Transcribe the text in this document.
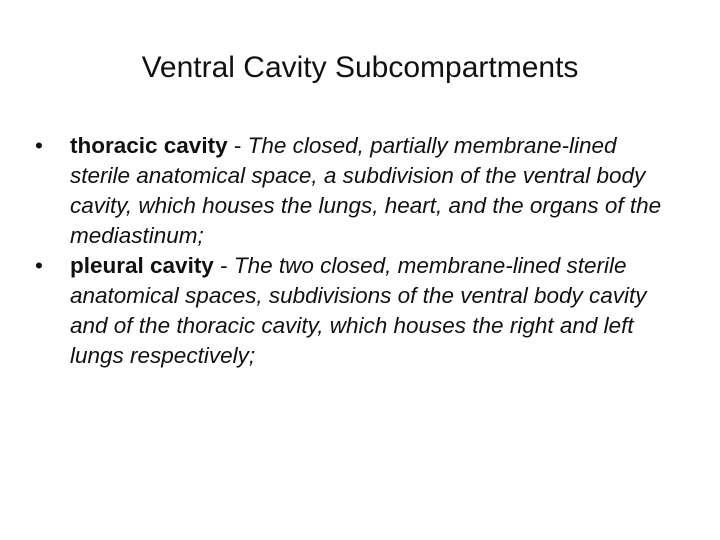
Ventral Cavity Subcompartments
•	thoracic cavity - The closed, partially membrane-lined sterile anatomical space, a subdivision of the ventral body cavity, which houses the lungs, heart, and the organs of the mediastinum;
•	pleural cavity - The two closed, membrane-lined sterile anatomical spaces, subdivisions of the ventral body cavity and of the thoracic cavity, which houses the right and left lungs respectively;
